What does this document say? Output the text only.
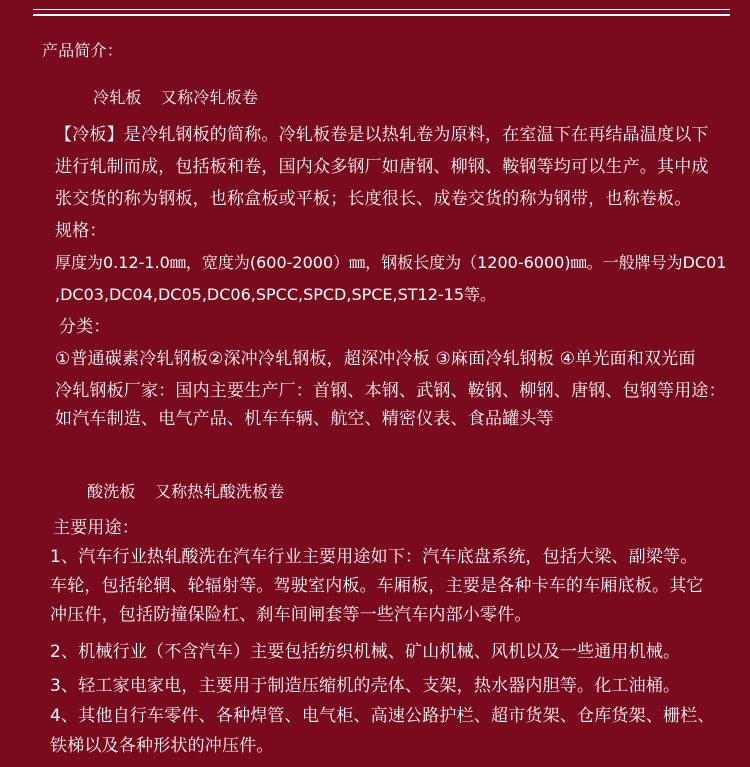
产品简介：
冷轧板 又称冷轧板卷
【冷板】是冷轧钢板的简称。冷轧板卷是以热轧卷为原料，在室温下在再结晶温度以下
进行轧制而成，包括板和卷，国内众多钢厂如唐钢、柳钢、鞍钢等均可以生产。其中成
张交货的称为钢板，也称盒板或平板；长度很长、成卷交货的称为钢带，也称卷板。
规格：
厚度为0.12-1.0㎜，宽度为(600-2000）㎜，钢板长度为（1200-6000)㎜。一般牌号为DC01
,DC03,DC04,DC05,DC06,SPCC,SPCD,SPCE,ST12-15等。
分类：
①普通碳素冷轧钢板②深冲冷轧钢板，超深冲冷板 ③麻面冷轧钢板 ④单光面和双光面
冷轧钢板厂家：国内主要生产厂：首钢、本钢、武钢、鞍钢、柳钢、唐钢、包钢等用途：
如汽车制造、电气产品、机车车辆、航空、精密仪表、食品罐头等
酸洗板 又称热轧酸洗板卷
主要用途：
1、汽车行业热轧酸洗在汽车行业主要用途如下：汽车底盘系统，包括大梁、副梁等。
车轮，包括轮辋、轮辐射等。驾驶室内板。车厢板，主要是各种卡车的车厢底板。其它
冲压件，包括防撞保险杠、刹车间闸套等一些汽车内部小零件。
2、机械行业（不含汽车）主要包括纺织机械、矿山机械、风机以及一些通用机械。
3、轻工家电家电，主要用于制造压缩机的壳体、支架，热水器内胆等。化工油桶。
4、其他自行车零件、各种焊管、电气柜、高速公路护栏、超市货架、仓库货架、栅栏、
铁梯以及各种形状的冲压件。
